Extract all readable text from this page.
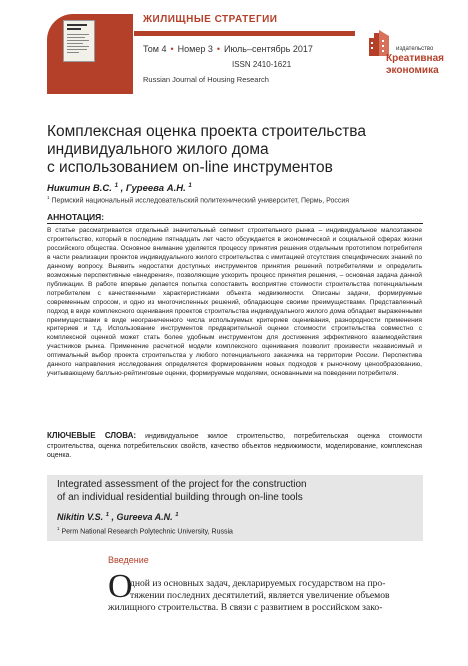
ЖИЛИЩНЫЕ СТРАТЕГИИ
Том 4 • Номер 3 • Июль–сентябрь 2017
ISSN 2410-1621
Russian Journal of Housing Research
издательство
Креативная
экономика
Комплексная оценка проекта строительства
индивидуального жилого дома
с использованием on-line инструментов
Никитин В.С. $^1$ , Гуреева А.Н. $^1$
$^1$ Пермский национальный исследовательский политехнический университет, Пермь, Россия
АННОТАЦИЯ:
В статье рассматривается отдельный значительный сегмент строительного рынка – индивидуальное малоэтажное строительство, который в последние пятнадцать лет часто обсуждается в экономической и социальной сферах жизни российского общества. Основное внимание уделяется процессу принятия решения отдельным прототипом потребителя в части реализации проектов индивидуального жилого строительства с имитацией отсутствия специфических знаний по данному вопросу. Выявить недостатки доступных инструментов принятия решений потребителями и определить возможные перспективные «внедрения», позволяющие ускорить процесс принятия решения, – основная задача данной публикации. В работе впервые делается попытка сопоставить восприятие стоимости строительства потенциальным потребителем с качественными характеристиками объекта недвижимости. Описаны задачи, формируемые современным спросом, и одно из многочисленных решений, обладающее своими преимуществами. Представленный подход в виде комплексного оценивания проектов строительства индивидуального жилого дома обладает выраженными преимуществами в виде неограниченного числа используемых критериев оценивания, разнородности применения критериев и т.д. Использование инструментов предварительной оценки стоимости строительства совместно с комплексной оценкой может стать более удобным инструментом для достижения эффективного взаимодействия участников рынка. Применение расчетной модели комплексного оценивания позволит произвести независимый и оптимальный выбор проекта строительства у любого потенциального заказчика на территории России. Перспектива данного направления исследования определяется формированием новых подходов к рыночному ценообразованию, учитывающему балльно-рейтинговые оценки, формируемые моделями, основанными на поведении потребителя.
КЛЮЧЕВЫЕ СЛОВА: индивидуальное жилое строительство, потребительская оценка стоимости строительства, оценка потребительских свойств, качество объектов недвижимости, моделирование, комплексная оценка.
Integrated assessment of the project for the construction
of an individual residential building through on-line tools
Nikitin V.S. $^1$ , Gureeva A.N. $^1$
$^1$ Perm National Research Polytechnic University, Russia
Введение
О
дной из основных задач, декларируемых государством на про-
тяжении последних десятилетий, является увеличение объемов
жилищного строительства. В связи с развитием в российском зако-
